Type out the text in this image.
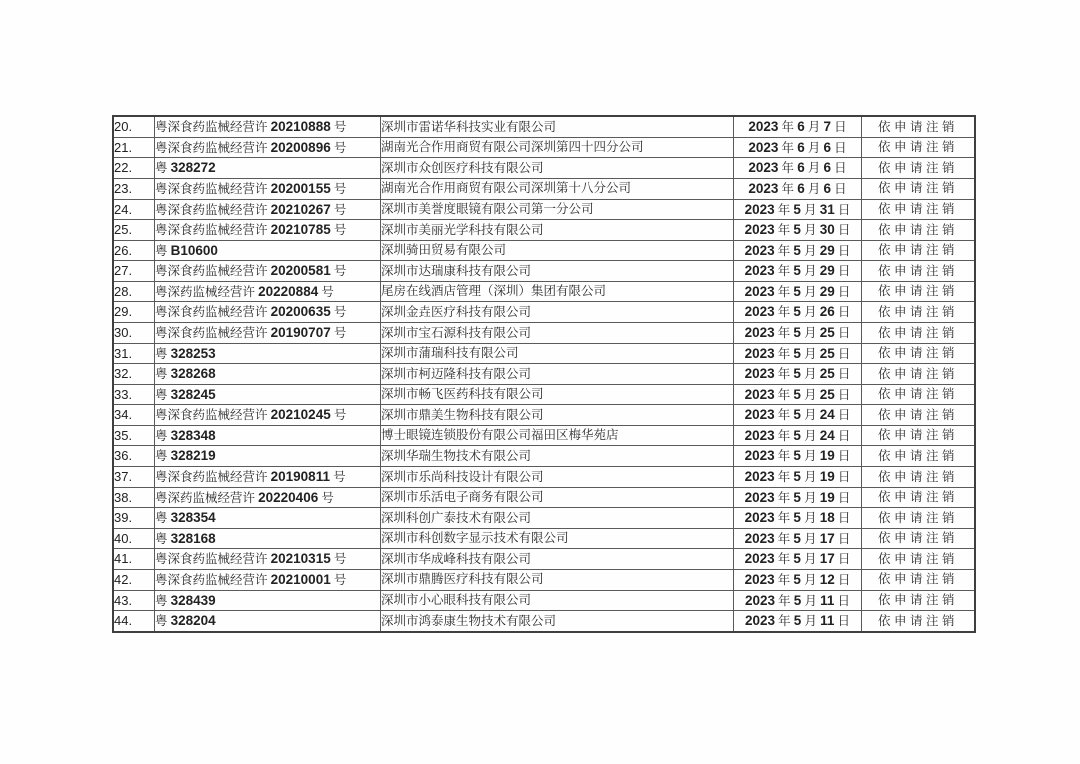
20.	粤深食药监械经营许 20210888 号	深圳市雷诺华科技实业有限公司	2023 年 6 月 7 日	依申请注销
21.	粤深食药监械经营许 20200896 号	湖南光合作用商贸有限公司深圳第四十四分公司	2023 年 6 月 6 日	依申请注销
22.	粤 328272	深圳市众创医疗科技有限公司	2023 年 6 月 6 日	依申请注销
23.	粤深食药监械经营许 20200155 号	湖南光合作用商贸有限公司深圳第十八分公司	2023 年 6 月 6 日	依申请注销
24.	粤深食药监械经营许 20210267 号	深圳市美誉度眼镜有限公司第一分公司	2023 年 5 月 31 日	依申请注销
25.	粤深食药监械经营许 20210785 号	深圳市美丽光学科技有限公司	2023 年 5 月 30 日	依申请注销
26.	粤 B10600	深圳骑田贸易有限公司	2023 年 5 月 29 日	依申请注销
27.	粤深食药监械经营许 20200581 号	深圳市达瑞康科技有限公司	2023 年 5 月 29 日	依申请注销
28.	粤深药监械经营许 20220884 号	尾房在线酒店管理（深圳）集团有限公司	2023 年 5 月 29 日	依申请注销
29.	粤深食药监械经营许 20200635 号	深圳金垚医疗科技有限公司	2023 年 5 月 26 日	依申请注销
30.	粤深食药监械经营许 20190707 号	深圳市宝石源科技有限公司	2023 年 5 月 25 日	依申请注销
31.	粤 328253	深圳市蒲瑞科技有限公司	2023 年 5 月 25 日	依申请注销
32.	粤 328268	深圳市柯迈隆科技有限公司	2023 年 5 月 25 日	依申请注销
33.	粤 328245	深圳市畅飞医药科技有限公司	2023 年 5 月 25 日	依申请注销
34.	粤深食药监械经营许 20210245 号	深圳市鼎美生物科技有限公司	2023 年 5 月 24 日	依申请注销
35.	粤 328348	博士眼镜连锁股份有限公司福田区梅华苑店	2023 年 5 月 24 日	依申请注销
36.	粤 328219	深圳华瑞生物技术有限公司	2023 年 5 月 19 日	依申请注销
37.	粤深食药监械经营许 20190811 号	深圳市乐尚科技设计有限公司	2023 年 5 月 19 日	依申请注销
38.	粤深药监械经营许 20220406 号	深圳市乐活电子商务有限公司	2023 年 5 月 19 日	依申请注销
39.	粤 328354	深圳科创广泰技术有限公司	2023 年 5 月 18 日	依申请注销
40.	粤 328168	深圳市科创数字显示技术有限公司	2023 年 5 月 17 日	依申请注销
41.	粤深食药监械经营许 20210315 号	深圳市华成峰科技有限公司	2023 年 5 月 17 日	依申请注销
42.	粤深食药监械经营许 20210001 号	深圳市鼎腾医疗科技有限公司	2023 年 5 月 12 日	依申请注销
43.	粤 328439	深圳市小心眼科技有限公司	2023 年 5 月 11 日	依申请注销
44.	粤 328204	深圳市鸿泰康生物技术有限公司	2023 年 5 月 11 日	依申请注销
